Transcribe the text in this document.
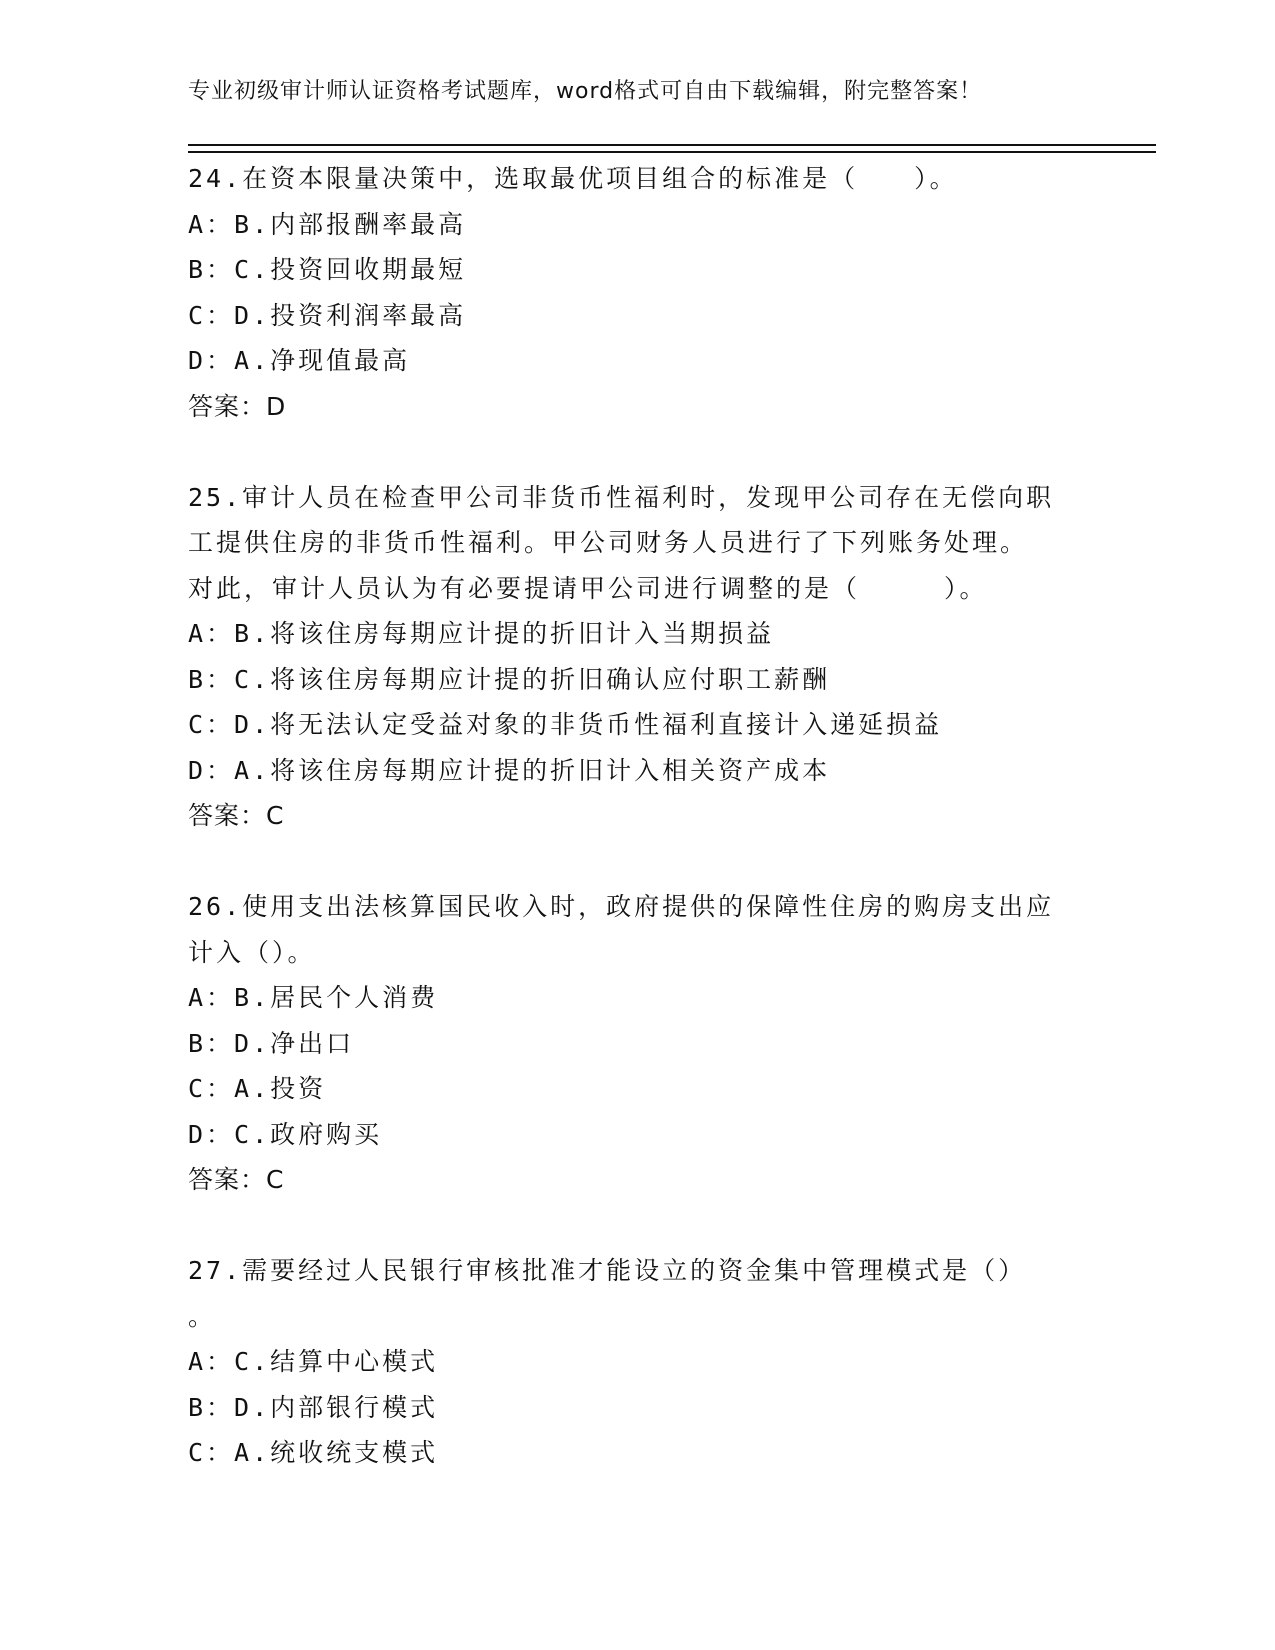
专业初级审计师认证资格考试题库，word格式可自由下载编辑，附完整答案！

24.在资本限量决策中，选取最优项目组合的标准是（　　）。

A：B.内部报酬率最高

B：C.投资回收期最短

C：D.投资利润率最高

D：A.净现值最高

答案：D

25.审计人员在检查甲公司非货币性福利时，发现甲公司存在无偿向职

工提供住房的非货币性福利。甲公司财务人员进行了下列账务处理。

对此，审计人员认为有必要提请甲公司进行调整的是（　　　）。

A：B.将该住房每期应计提的折旧计入当期损益

B：C.将该住房每期应计提的折旧确认应付职工薪酬

C：D.将无法认定受益对象的非货币性福利直接计入递延损益

D：A.将该住房每期应计提的折旧计入相关资产成本

答案：C

26.使用支出法核算国民收入时，政府提供的保障性住房的购房支出应

计入（）。

A：B.居民个人消费

B：D.净出口

C：A.投资

D：C.政府购买

答案：C

27.需要经过人民银行审核批准才能设立的资金集中管理模式是（）

。

A：C.结算中心模式

B：D.内部银行模式

C：A.统收统支模式
